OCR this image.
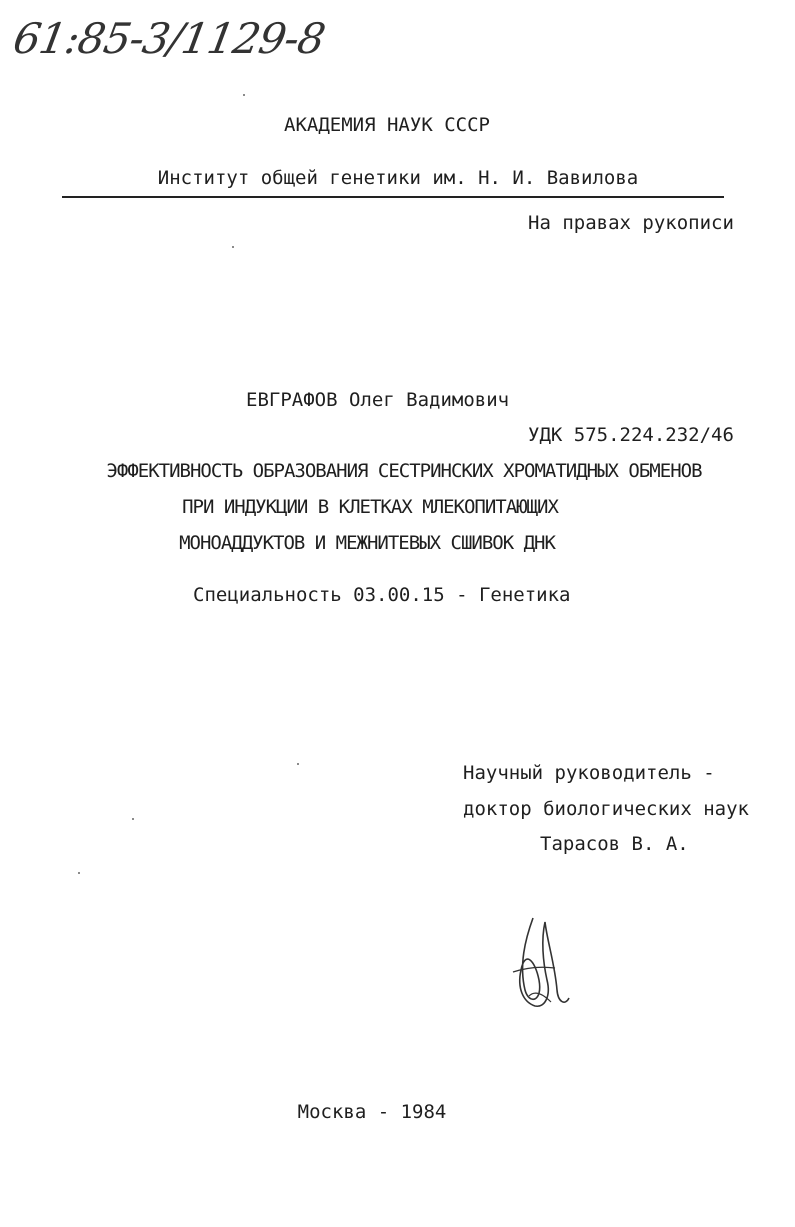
61:85-3/1129-8
АКАДЕМИЯ НАУК СССР
Институт общей генетики им. Н. И. Вавилова
На правах рукописи
ЕВГРАФОВ Олег Вадимович
УДК 575.224.232/46
ЭФФЕКТИВНОСТЬ ОБРАЗОВАНИЯ СЕСТРИНСКИХ ХРОМАТИДНЫХ ОБМЕНОВ
ПРИ ИНДУКЦИИ В КЛЕТКАХ МЛЕКОПИТАЮЩИХ
МОНОАДДУКТОВ И МЕЖНИТЕВЫХ СШИВОК ДНК
Специальность 03.00.15 - Генетика
Научный руководитель -
доктор биологических наук
Тарасов В. А.
Москва - 1984
